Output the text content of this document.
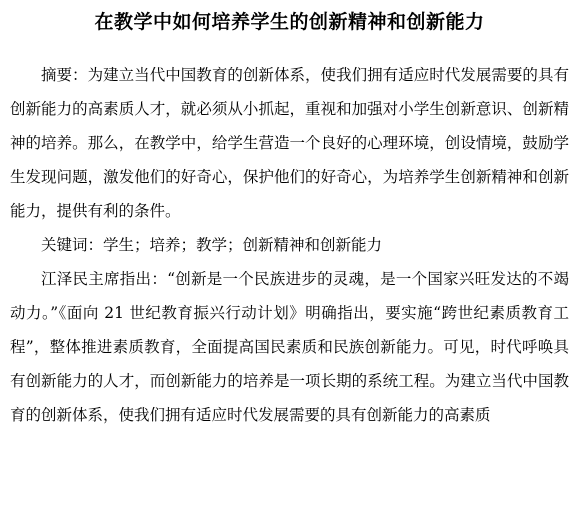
在教学中如何培养学生的创新精神和创新能力

摘要：为建立当代中国教育的创新体系，使我们拥有适应时代发展需要的具有创新能力的高素质人才，就必须从小抓起，重视和加强对小学生创新意识、创新精神的培养。那么，在教学中，给学生营造一个良好的心理环境，创设情境，鼓励学生发现问题，激发他们的好奇心，保护他们的好奇心，为培养学生创新精神和创新能力，提供有利的条件。

关键词：学生；培养；教学；创新精神和创新能力

江泽民主席指出：“创新是一个民族进步的灵魂，是一个国家兴旺发达的不竭动力。”《面向 21 世纪教育振兴行动计划》明确指出，要实施“跨世纪素质教育工程”，整体推进素质教育，全面提高国民素质和民族创新能力。可见，时代呼唤具有创新能力的人才，而创新能力的培养是一项长期的系统工程。为建立当代中国教育的创新体系，使我们拥有适应时代发展需要的具有创新能力的高素质
